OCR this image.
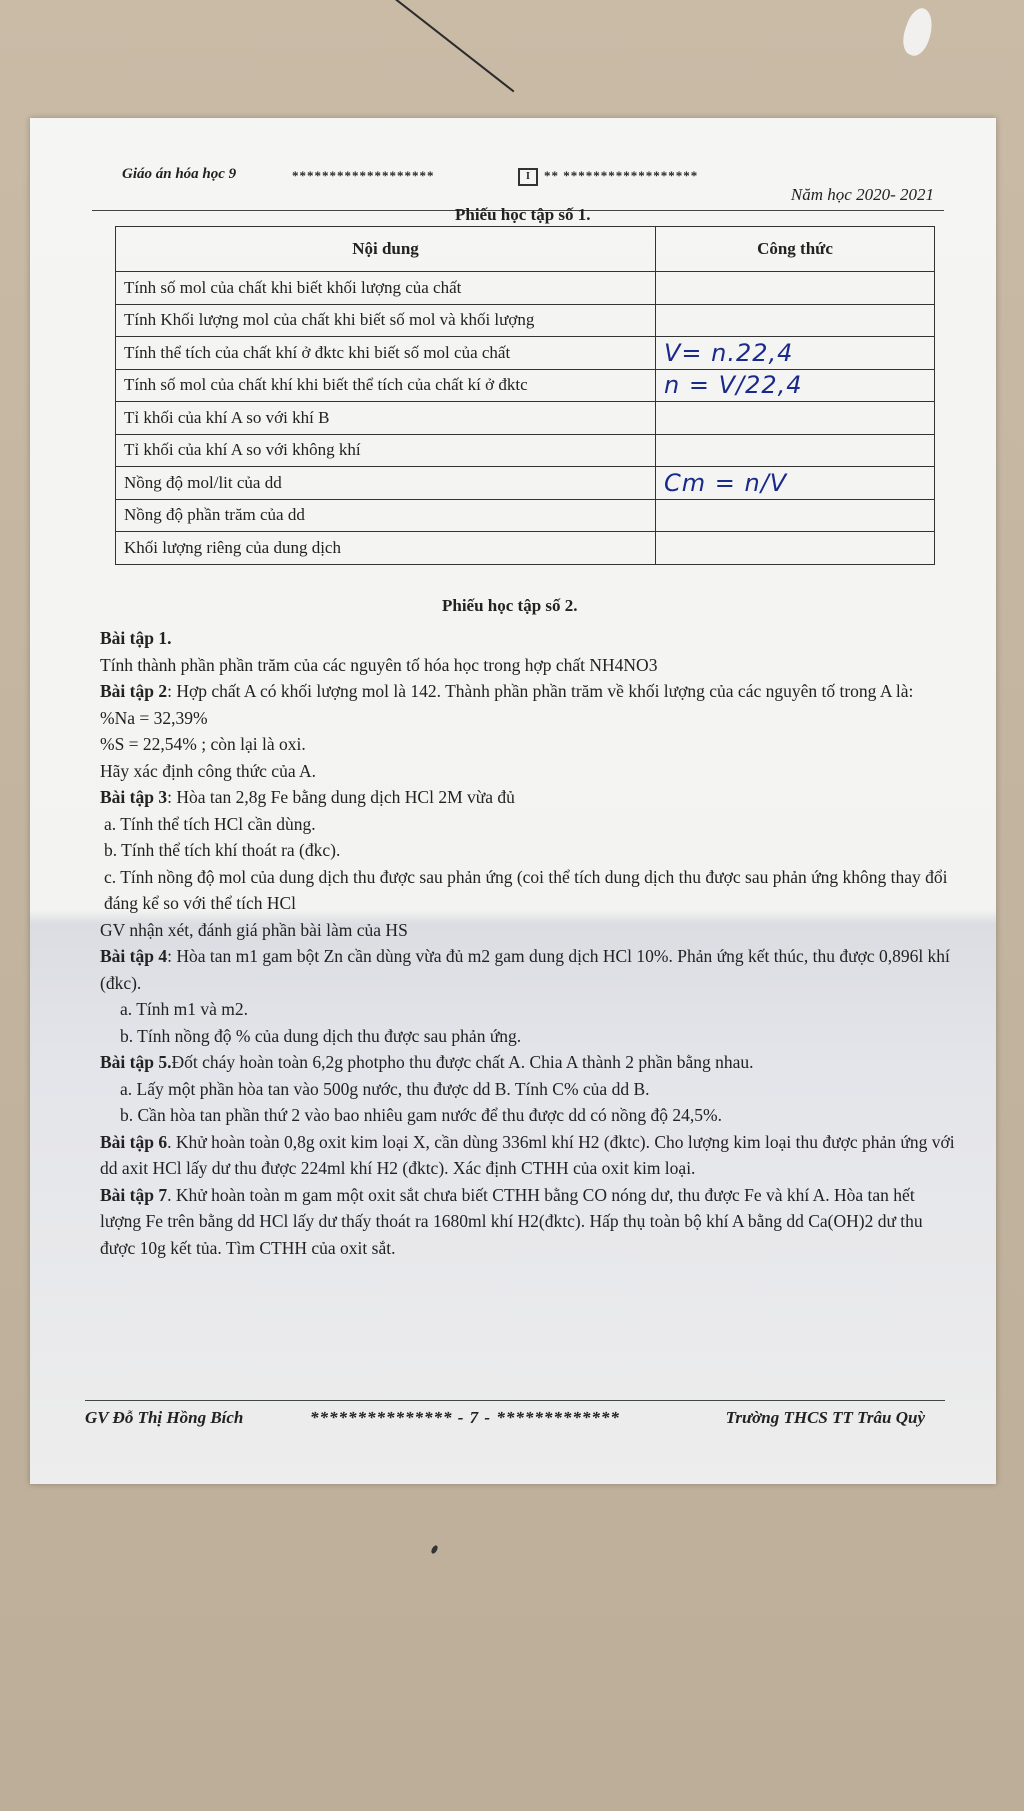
Giáo án hóa học 9	*******************	I	** ******************
Năm học 2020- 2021
Phiếu học tập số 1.
Nội dung	Công thức
Tính số mol của chất khi biết khối lượng của chất	
Tính Khối lượng mol của chất khi biết số mol và khối lượng	
Tính thể tích của chất khí ở đktc khi biết số mol của chất	V= n.22,4
Tính số mol của chất khí khi biết thể tích của chất kí ở đktc	n = V/22,4
Tỉ khối của khí A so với khí B	
Tỉ khối của khí A so với không khí	
Nồng độ mol/lit của dd	Cm = n/V
Nồng độ phần trăm của dd	
Khối lượng riêng của dung dịch	
Phiếu học tập số 2.

Bài tập 1.

Tính thành phần phần trăm của các nguyên tố hóa học trong hợp chất NH4NO3

Bài tập 2: Hợp chất A có khối lượng mol là 142. Thành phần phần trăm về khối lượng của các nguyên tố trong A là:

%Na = 32,39%

%S = 22,54% ; còn lại là oxi.

Hãy xác định công thức của A.

Bài tập 3: Hòa tan 2,8g Fe bằng dung dịch HCl 2M vừa đủ

a. Tính thể tích HCl cần dùng.

b. Tính thể tích khí thoát ra (đkc).

c. Tính nồng độ mol của dung dịch thu được sau phản ứng (coi thể tích dung dịch thu được sau phản ứng không thay đổi đáng kể so với thể tích HCl

GV nhận xét, đánh giá phần bài làm của HS

Bài tập 4: Hòa tan m1 gam bột Zn cần dùng vừa đủ m2 gam dung dịch HCl 10%. Phản ứng kết thúc, thu được 0,896l khí (đkc).

a. Tính m1 và m2.

b. Tính nồng độ % của dung dịch thu được sau phản ứng.

Bài tập 5.Đốt cháy hoàn toàn 6,2g photpho thu được chất A. Chia A thành 2 phần bằng nhau.

a. Lấy một phần hòa tan vào 500g nước, thu được dd B. Tính C% của dd B.

b. Cần hòa tan phần thứ 2 vào bao nhiêu gam nước để thu được dd có nồng độ 24,5%.

Bài tập 6. Khử hoàn toàn 0,8g oxit kim loại X, cần dùng 336ml khí H2 (đktc). Cho lượng kim loại thu được phản ứng với dd axit HCl lấy dư thu được 224ml khí H2 (đktc). Xác định CTHH của oxit kim loại.

Bài tập 7. Khử hoàn toàn m gam một oxit sắt chưa biết CTHH bằng CO nóng dư, thu được Fe và khí A. Hòa tan hết lượng Fe trên bằng dd HCl lấy dư thấy thoát ra 1680ml khí H2(đktc). Hấp thụ toàn bộ khí A bằng dd Ca(OH)2 dư thu được 10g kết tủa. Tìm CTHH của oxit sắt.

GV Đỗ Thị Hồng Bích	*************** - 7 - *************	Trường THCS TT Trâu Quỳ
